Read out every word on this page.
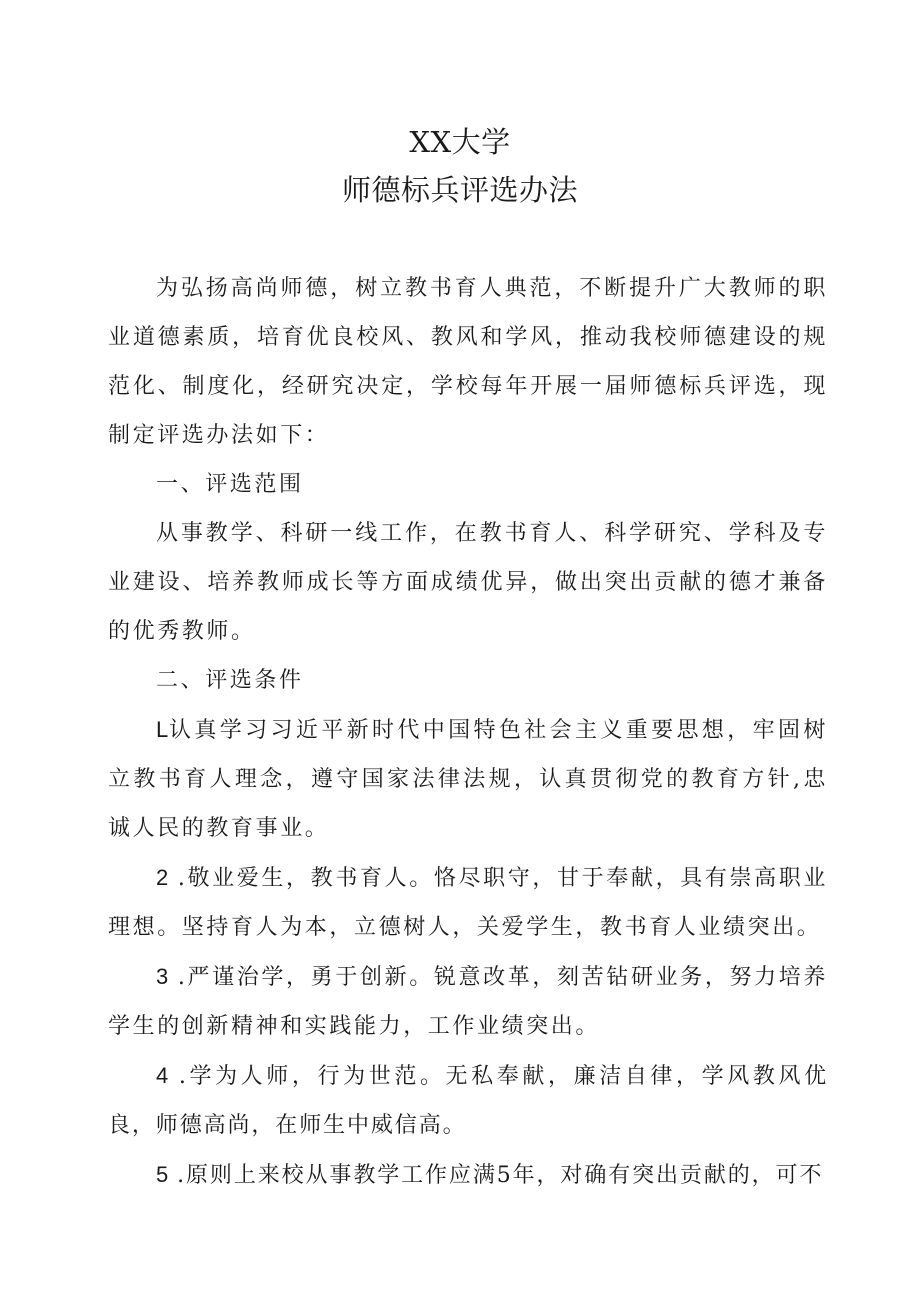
XX大学
师德标兵评选办法

为弘扬高尚师德，树立教书育人典范，不断提升广大教师的职业道德素质，培育优良校风、教风和学风，推动我校师德建设的规范化、制度化，经研究决定，学校每年开展一届师德标兵评选，现制定评选办法如下：

一、评选范围

从事教学、科研一线工作，在教书育人、科学研究、学科及专业建设、培养教师成长等方面成绩优异，做出突出贡献的德才兼备的优秀教师。

二、评选条件

L认真学习习近平新时代中国特色社会主义重要思想，牢固树立教书育人理念，遵守国家法律法规，认真贯彻党的教育方针,忠诚人民的教育事业。

2 .敬业爱生，教书育人。恪尽职守，甘于奉献，具有崇高职业理想。坚持育人为本，立德树人，关爱学生，教书育人业绩突出。

3 .严谨治学，勇于创新。锐意改革，刻苦钻研业务，努力培养学生的创新精神和实践能力，工作业绩突出。

4 .学为人师，行为世范。无私奉献，廉洁自律，学风教风优良，师德高尚，在师生中威信高。

5 .原则上来校从事教学工作应满5年，对确有突出贡献的，可不
